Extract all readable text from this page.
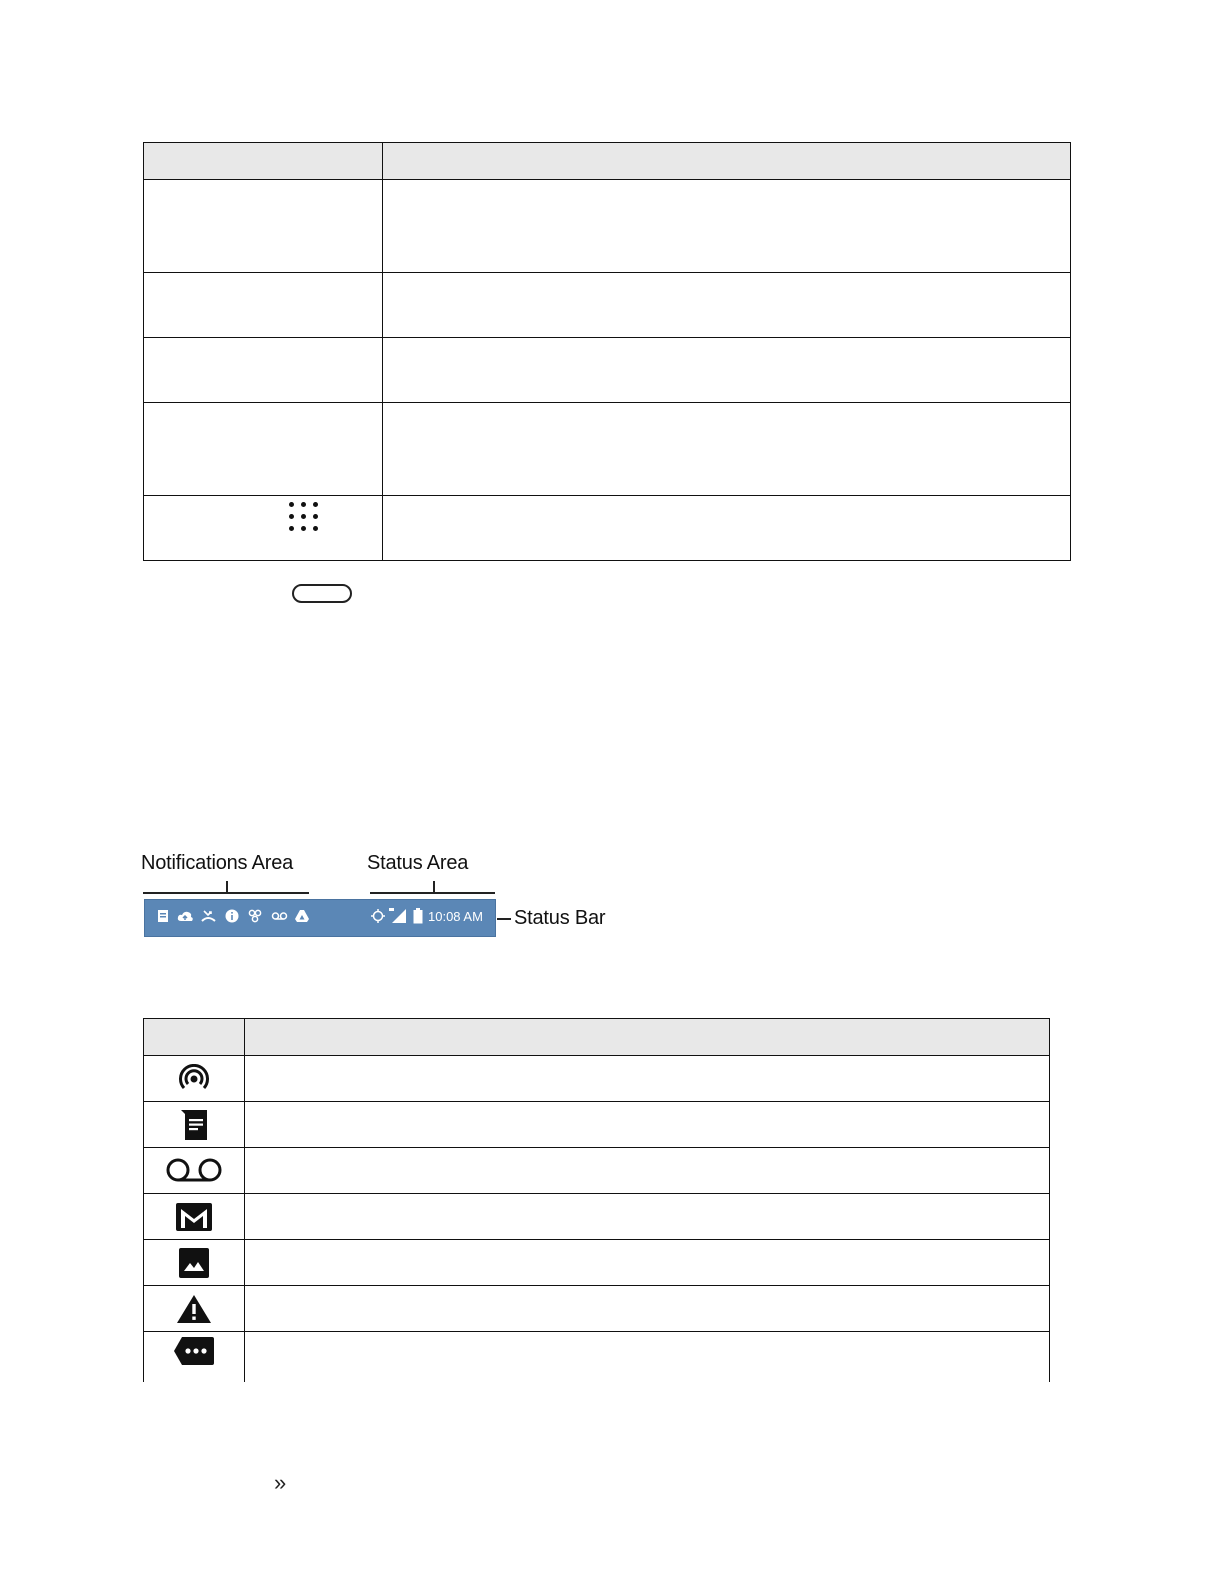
Notifications Area	Status Area
10:08 AM Status Bar

»
